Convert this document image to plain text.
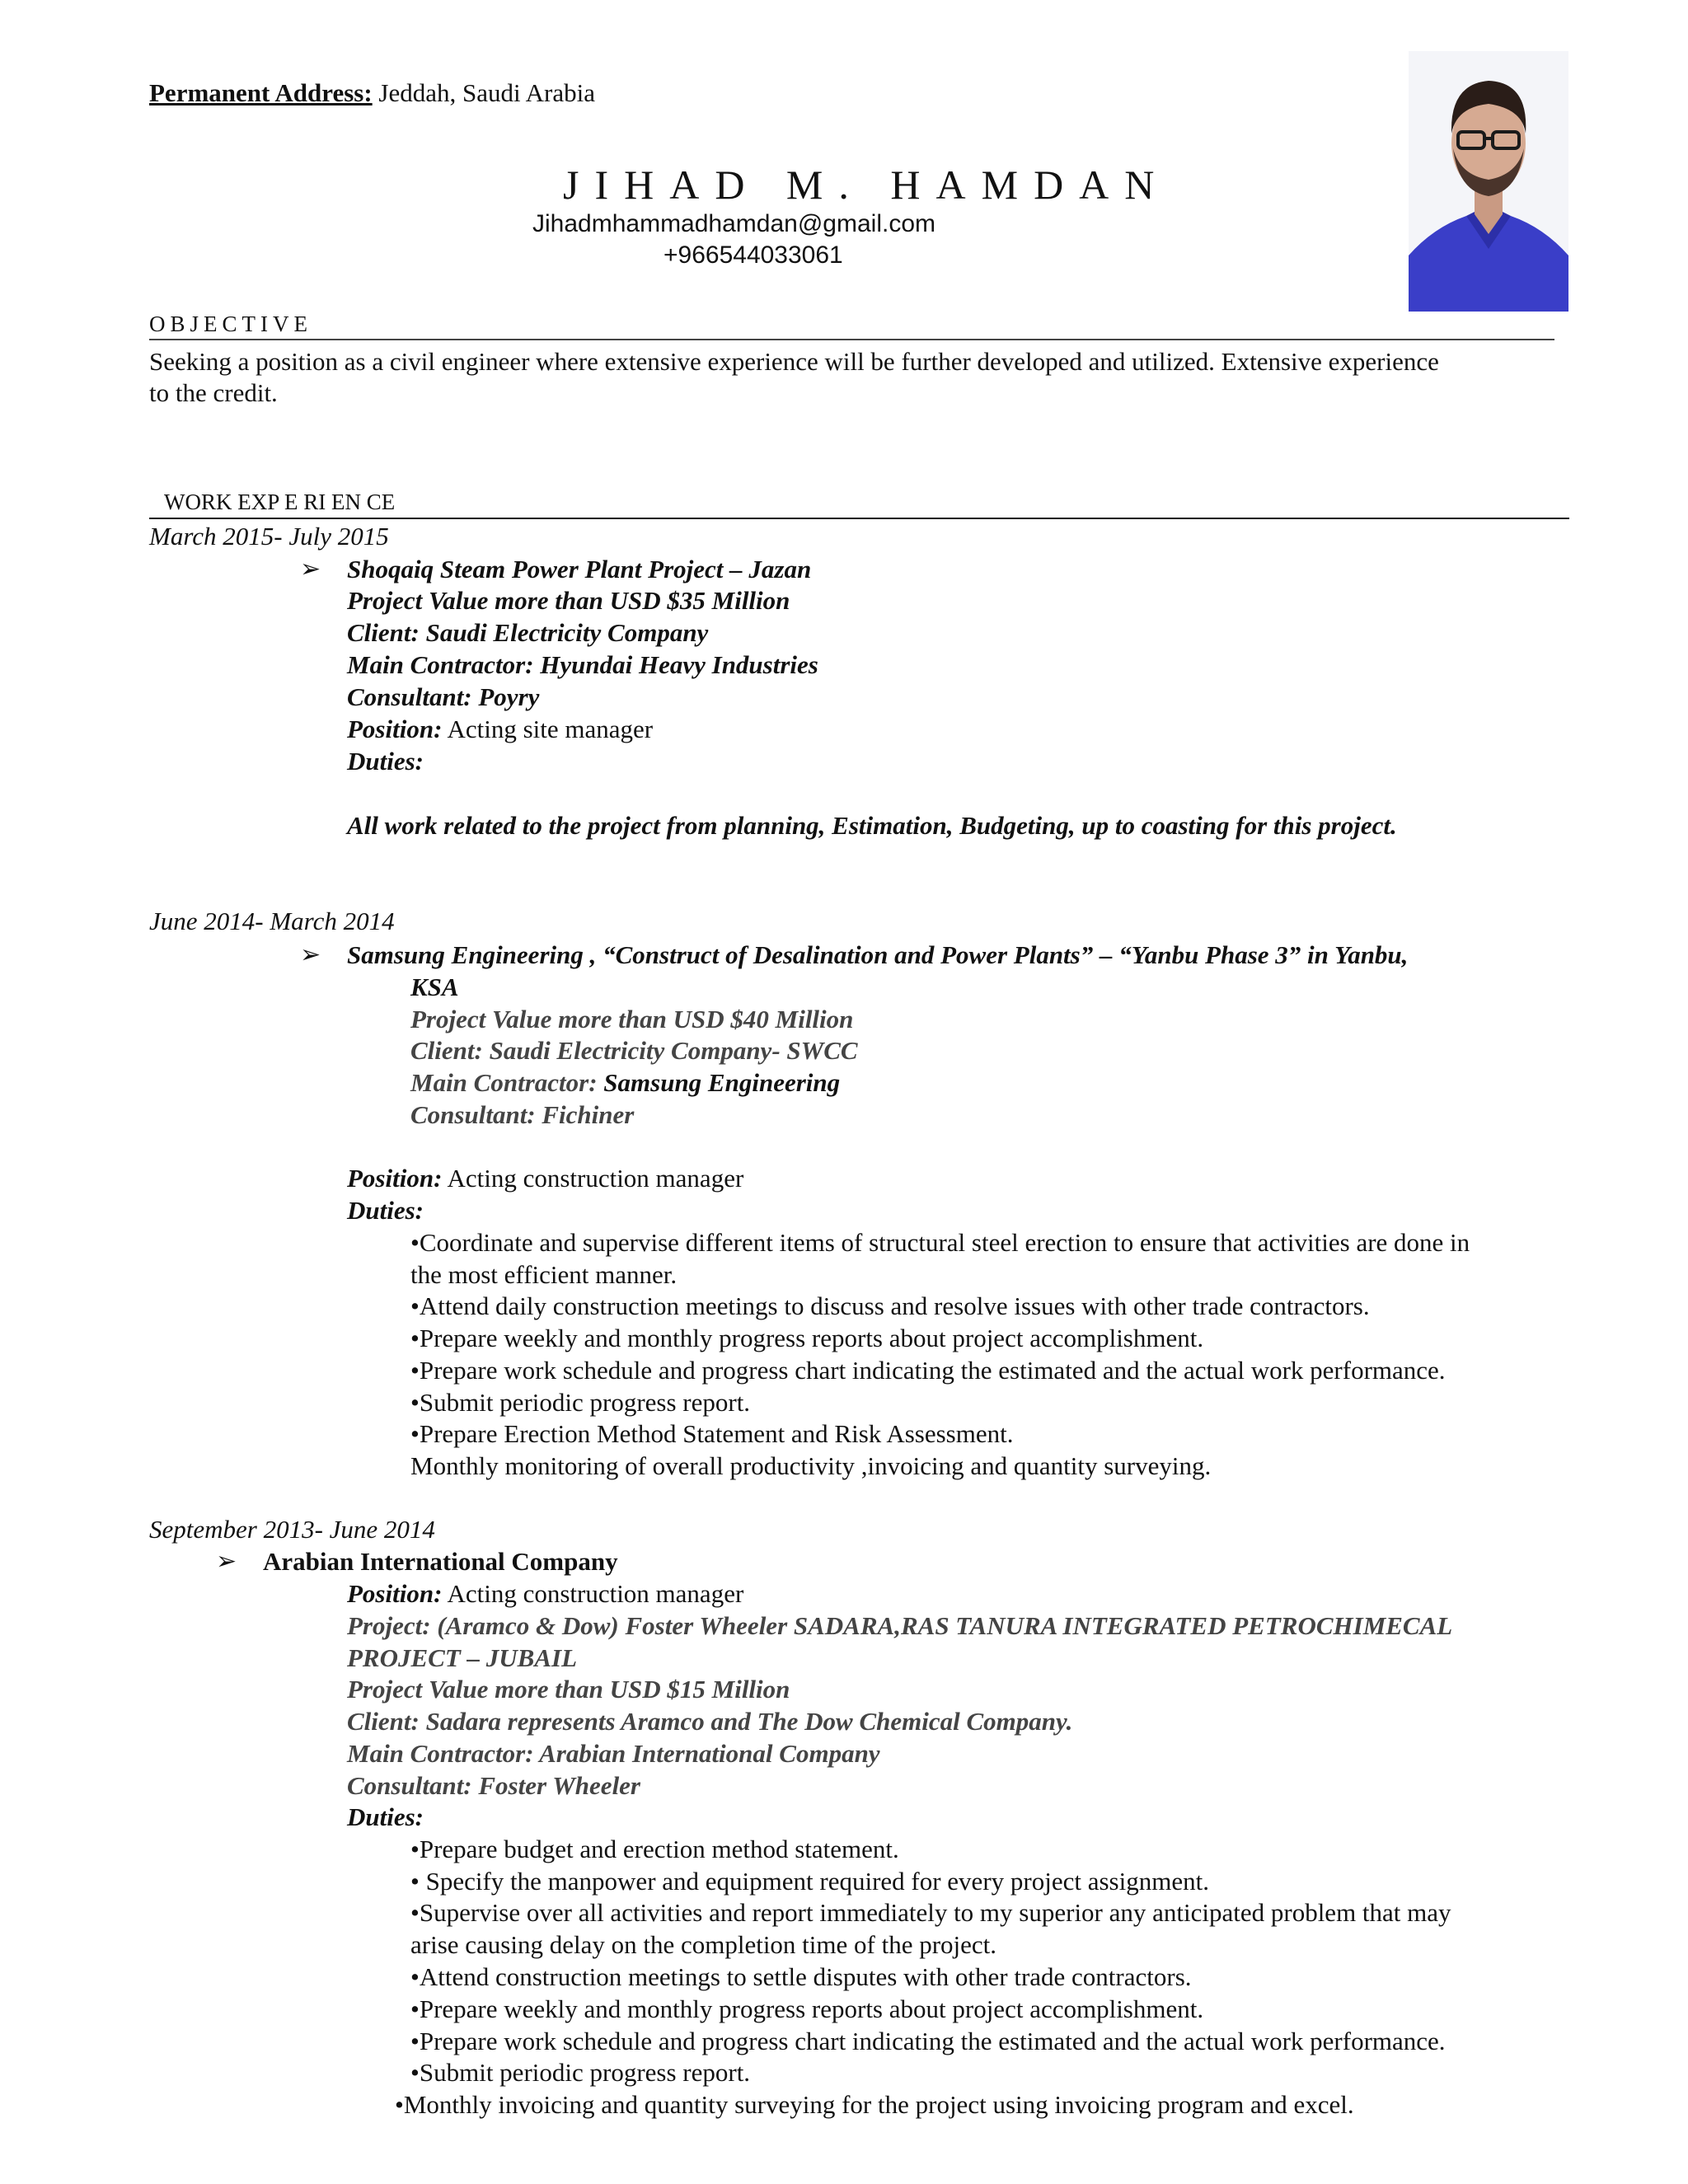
Permanent Address: Jeddah, Saudi Arabia
JIHAD M. HAMDAN
Jihadmhammadhamdan@gmail.com
+966544033061
OBJECTIVE
Seeking a position as a civil engineer where extensive experience will be further developed and utilized. Extensive experience
to the credit.
WORK EXP E RI EN CE
March 2015- July 2015
➢ Shoqaiq Steam Power Plant Project – Jazan
Project Value more than USD $35 Million
Client: Saudi Electricity Company
Main Contractor: Hyundai Heavy Industries
Consultant: Poyry
Position: Acting site manager
Duties:
All work related to the project from planning, Estimation, Budgeting, up to coasting for this project.
June 2014- March 2014
➢ Samsung Engineering , “Construct of Desalination and Power Plants” – “Yanbu Phase 3” in Yanbu,
KSA
Project Value more than USD $40 Million
Client: Saudi Electricity Company- SWCC
Main Contractor: Samsung Engineering
Consultant: Fichiner
Position: Acting construction manager
Duties:
•Coordinate and supervise different items of structural steel erection to ensure that activities are done in
the most efficient manner.
•Attend daily construction meetings to discuss and resolve issues with other trade contractors.
•Prepare weekly and monthly progress reports about project accomplishment.
•Prepare work schedule and progress chart indicating the estimated and the actual work performance.
•Submit periodic progress report.
•Prepare Erection Method Statement and Risk Assessment.
Monthly monitoring of overall productivity ,invoicing and quantity surveying.
September 2013- June 2014
➢ Arabian International Company
Position: Acting construction manager
Project: (Aramco & Dow) Foster Wheeler SADARA,RAS TANURA INTEGRATED PETROCHIMECAL
PROJECT – JUBAIL
Project Value more than USD $15 Million
Client: Sadara represents Aramco and The Dow Chemical Company.
Main Contractor: Arabian International Company
Consultant: Foster Wheeler
Duties:
•Prepare budget and erection method statement.
• Specify the manpower and equipment required for every project assignment.
•Supervise over all activities and report immediately to my superior any anticipated problem that may
arise causing delay on the completion time of the project.
•Attend construction meetings to settle disputes with other trade contractors.
•Prepare weekly and monthly progress reports about project accomplishment.
•Prepare work schedule and progress chart indicating the estimated and the actual work performance.
•Submit periodic progress report.
•Monthly invoicing and quantity surveying for the project using invoicing program and excel.
